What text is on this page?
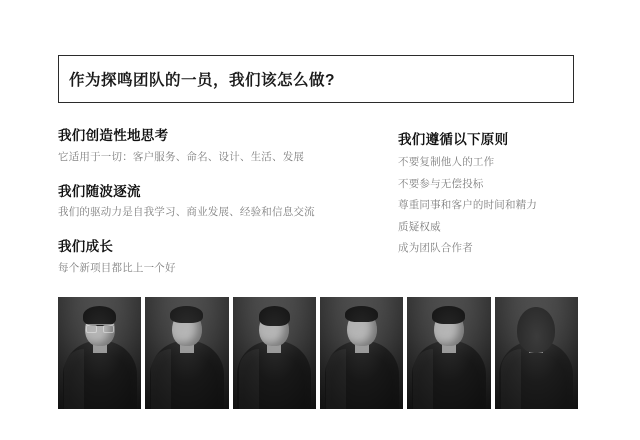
作为探鸣团队的一员，我们该怎么做?

我们创造性地思考

它适用于一切：客户服务、命名、设计、生活、发展

我们随波逐流

我们的驱动力是自我学习、商业发展、经验和信息交流

我们成长

每个新项目都比上一个好

我们遵循以下原则

不要复制他人的工作
不要参与无偿投标
尊重同事和客户的时间和精力
质疑权威
成为团队合作者
